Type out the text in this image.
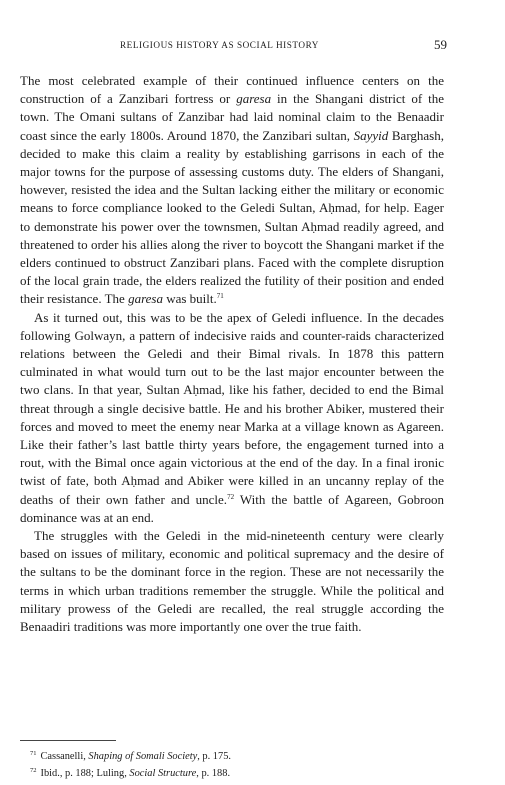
RELIGIOUS HISTORY AS SOCIAL HISTORY	59

The most celebrated example of their continued influence centers on the construction of a Zanzibari fortress or garesa in the Shangani district of the town. The Omani sultans of Zanzibar had laid nominal claim to the Benaadir coast since the early 1800s. Around 1870, the Zanzibari sultan, Sayyid Barghash, decided to make this claim a reality by establishing garrisons in each of the major towns for the purpose of assessing customs duty. The elders of Shangani, however, resisted the idea and the Sultan lacking either the military or economic means to force compliance looked to the Geledi Sultan, Aḥmad, for help. Eager to demonstrate his power over the townsmen, Sultan Aḥmad readily agreed, and threatened to order his allies along the river to boycott the Shangani market if the elders continued to obstruct Zanzibari plans. Faced with the complete disruption of the local grain trade, the elders realized the futility of their position and ended their resistance. The garesa was built.$^{71}$

As it turned out, this was to be the apex of Geledi influence. In the decades following Golwayn, a pattern of indecisive raids and counter-raids characterized relations between the Geledi and their Bimal rivals. In 1878 this pattern culminated in what would turn out to be the last major encounter between the two clans. In that year, Sultan Aḥmad, like his father, decided to end the Bimal threat through a single decisive battle. He and his brother Abiker, mustered their forces and moved to meet the enemy near Marka at a village known as Agareen. Like their father’s last battle thirty years before, the engagement turned into a rout, with the Bimal once again victorious at the end of the day. In a final ironic twist of fate, both Aḥmad and Abiker were killed in an uncanny replay of the deaths of their own father and uncle.$^{72}$ With the battle of Agareen, Gobroon dominance was at an end.

The struggles with the Geledi in the mid-nineteenth century were clearly based on issues of military, economic and political supremacy and the desire of the sultans to be the dominant force in the region. These are not necessarily the terms in which urban traditions remember the struggle. While the political and military prowess of the Geledi are recalled, the real struggle according the Benaadiri traditions was more importantly one over the true faith.

$^{71}$ Cassanelli, Shaping of Somali Society, p. 175.
$^{72}$ Ibid., p. 188; Luling, Social Structure, p. 188.
